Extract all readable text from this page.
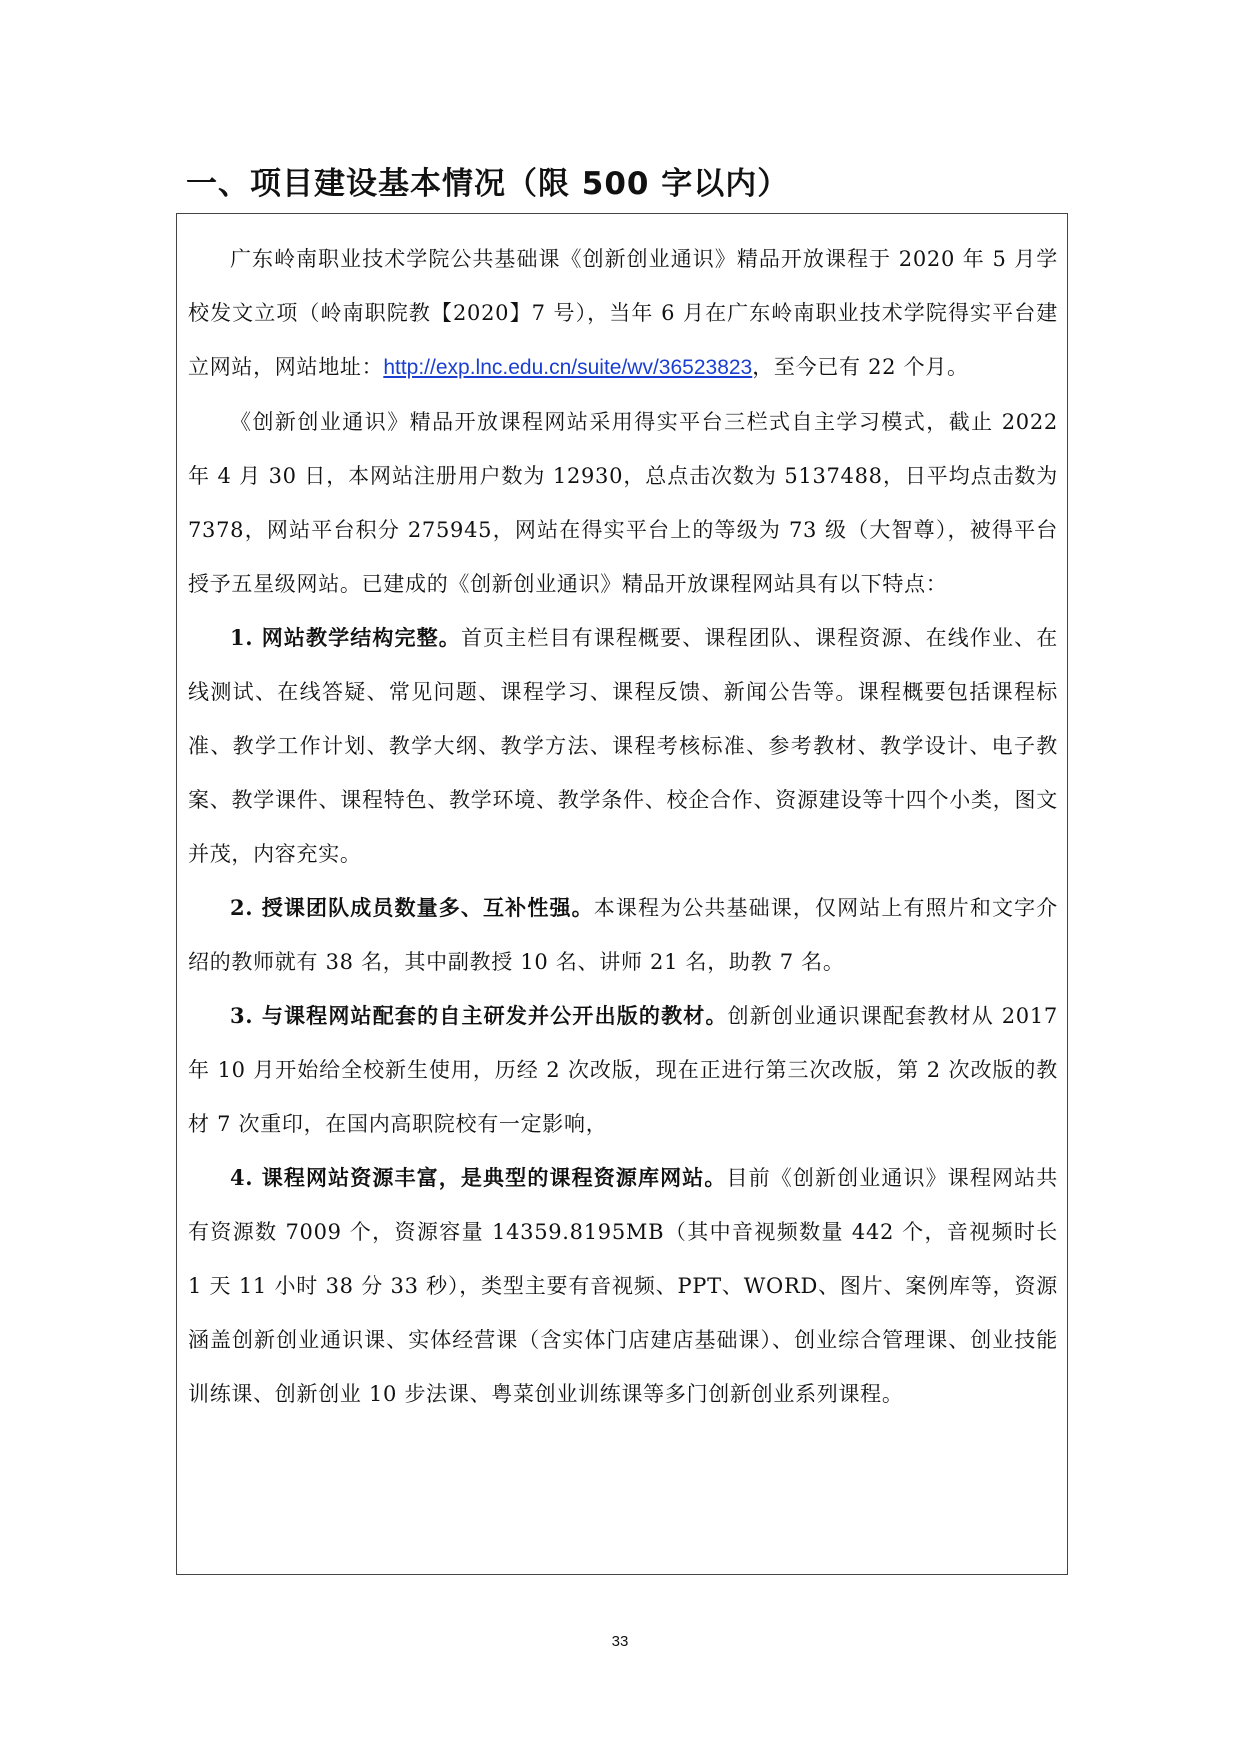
一、项目建设基本情况（限 500 字以内）

广东岭南职业技术学院公共基础课《创新创业通识》精品开放课程于 2020 年 5 月学校发文立项（岭南职院教【2020】7 号），当年 6 月在广东岭南职业技术学院得实平台建立网站，网站地址：http://exp.lnc.edu.cn/suite/wv/36523823，至今已有 22 个月。

《创新创业通识》精品开放课程网站采用得实平台三栏式自主学习模式，截止 2022 年 4 月 30 日，本网站注册用户数为 12930，总点击次数为 5137488，日平均点击数为 7378，网站平台积分 275945，网站在得实平台上的等级为 73 级（大智尊），被得平台授予五星级网站。已建成的《创新创业通识》精品开放课程网站具有以下特点：

1. 网站教学结构完整。首页主栏目有课程概要、课程团队、课程资源、在线作业、在线测试、在线答疑、常见问题、课程学习、课程反馈、新闻公告等。课程概要包括课程标准、教学工作计划、教学大纲、教学方法、课程考核标准、参考教材、教学设计、电子教案、教学课件、课程特色、教学环境、教学条件、校企合作、资源建设等十四个小类，图文并茂，内容充实。

2. 授课团队成员数量多、互补性强。本课程为公共基础课，仅网站上有照片和文字介绍的教师就有 38 名，其中副教授 10 名、讲师 21 名，助教 7 名。

3. 与课程网站配套的自主研发并公开出版的教材。创新创业通识课配套教材从 2017 年 10 月开始给全校新生使用，历经 2 次改版，现在正进行第三次改版，第 2 次改版的教材 7 次重印，在国内高职院校有一定影响，

4. 课程网站资源丰富，是典型的课程资源库网站。目前《创新创业通识》课程网站共有资源数 7009 个，资源容量 14359.8195MB（其中音视频数量 442 个，音视频时长 1 天 11 小时 38 分 33 秒），类型主要有音视频、PPT、WORD、图片、案例库等，资源涵盖创新创业通识课、实体经营课（含实体门店建店基础课）、创业综合管理课、创业技能训练课、创新创业 10 步法课、粤菜创业训练课等多门创新创业系列课程。

33
